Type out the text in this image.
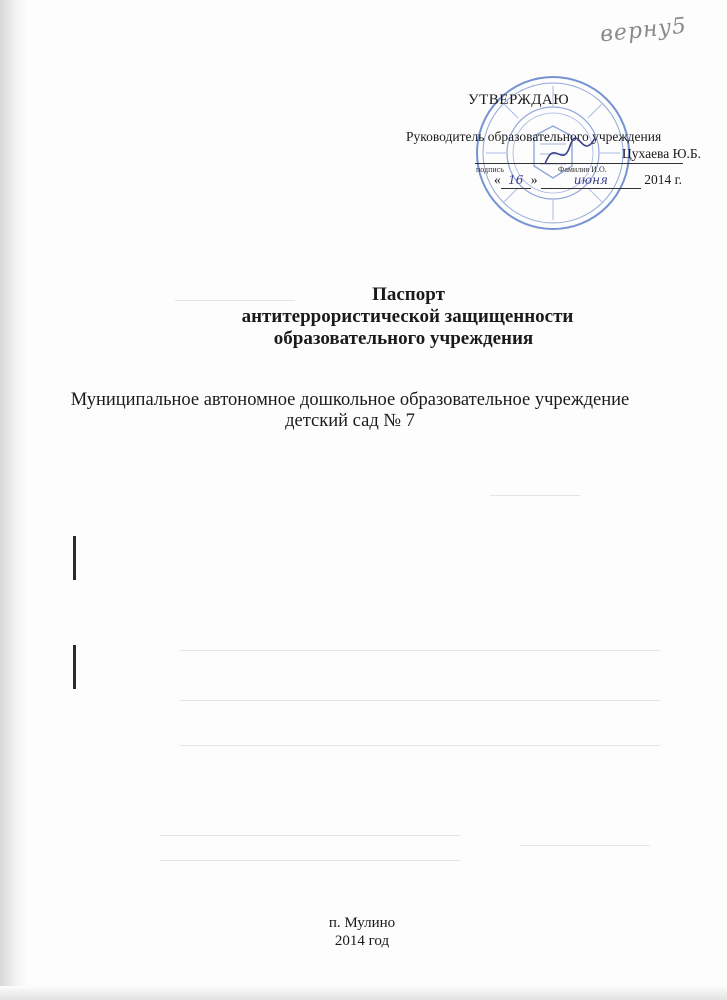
верну5
УТВЕРЖДАЮ
Руководитель образовательного учреждения
Цухаева Ю.Б.
подпись	Фамилия И.О.
« 16 »	июня	2014 г.
Паспорт
антитеррористической защищенности
образовательного учреждения
Муниципальное автономное дошкольное образовательное учреждение
детский сад № 7
п. Мулино
2014 год
